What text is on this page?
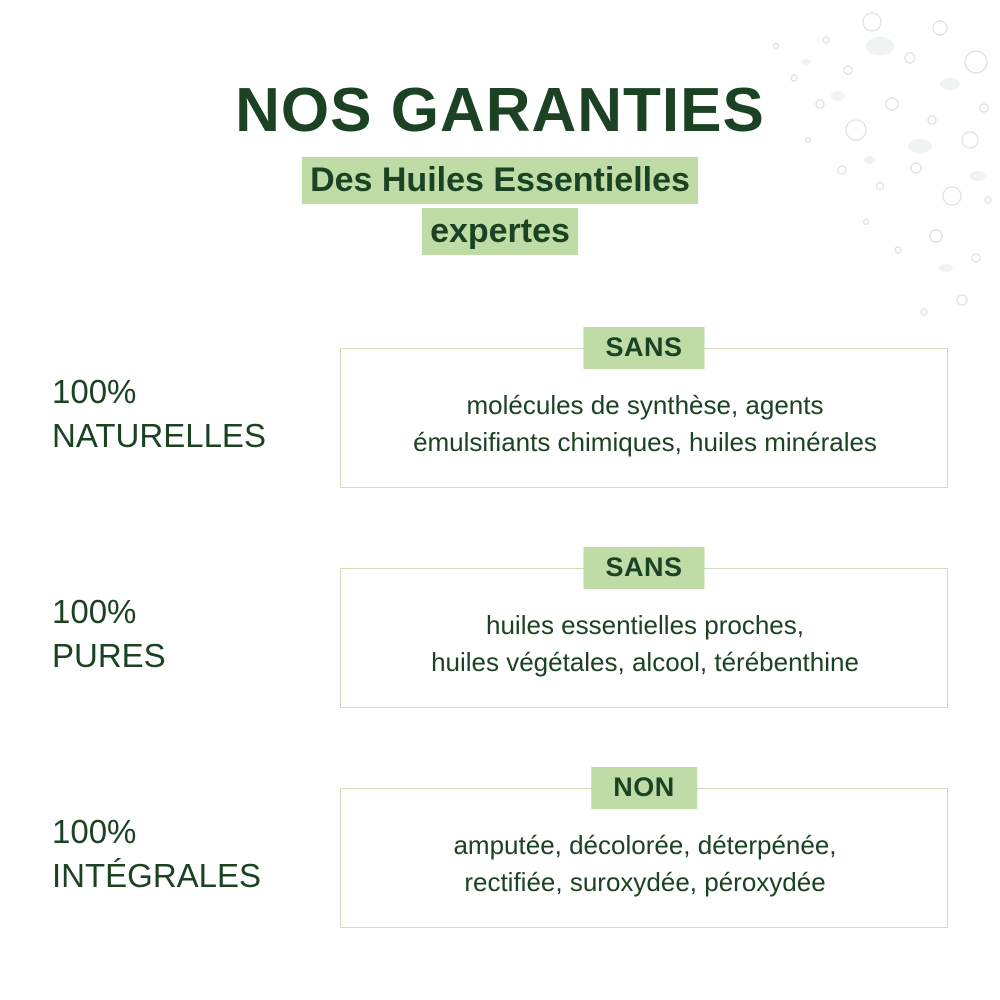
NOS GARANTIES
Des Huiles Essentielles
expertes
100%
NATURELLES
SANS
molécules de synthèse, agents
émulsifiants chimiques, huiles minérales
100%
PURES
SANS
huiles essentielles proches,
huiles végétales, alcool, térébenthine
100%
INTÉGRALES
NON
amputée, décolorée, déterpénée,
rectifiée, suroxydée, péroxydée
